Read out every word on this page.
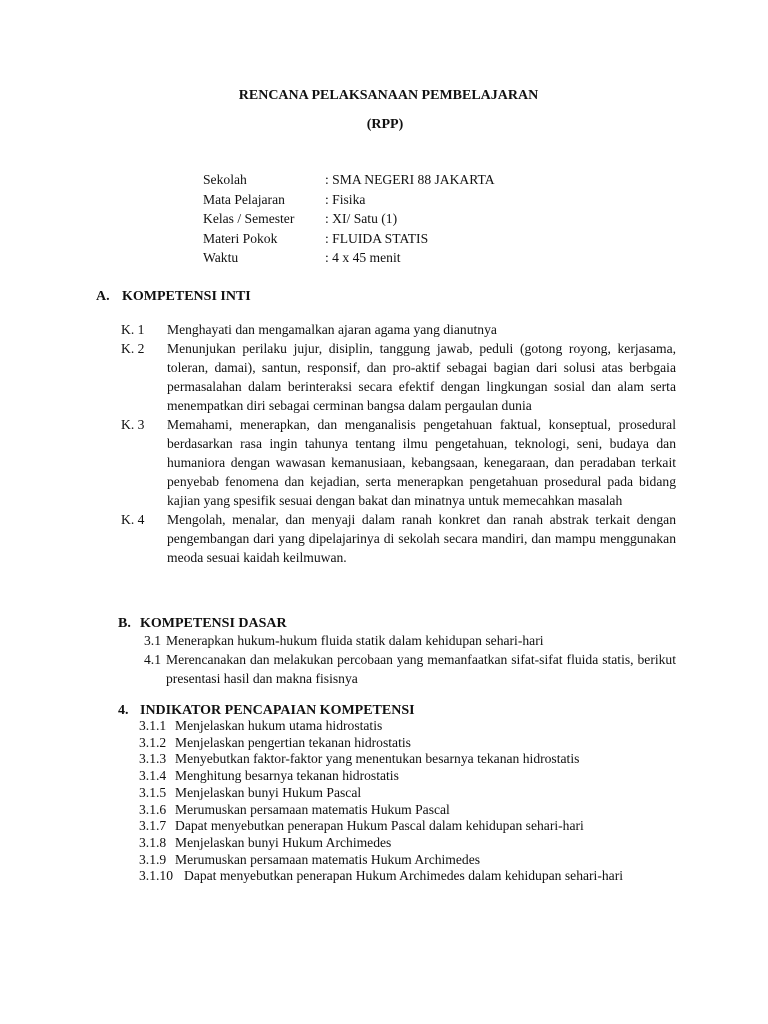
RENCANA PELAKSANAAN PEMBELAJARAN
(RPP)
Sekolah	: SMA NEGERI 88 JAKARTA
Mata Pelajaran	: Fisika
Kelas / Semester	: XI/ Satu (1)
Materi Pokok	: FLUIDA STATIS
Waktu	: 4 x 45 menit
A. KOMPETENSI INTI
K. 1	Menghayati dan mengamalkan ajaran agama yang dianutnya
K. 2	Menunjukan perilaku jujur, disiplin, tanggung jawab, peduli (gotong royong, kerjasama, toleran, damai), santun, responsif, dan pro-aktif sebagai bagian dari solusi atas berbgaia permasalahan dalam berinteraksi secara efektif dengan lingkungan sosial dan alam serta menempatkan diri sebagai cerminan bangsa dalam pergaulan dunia
K. 3	Memahami, menerapkan, dan menganalisis pengetahuan faktual, konseptual, prosedural berdasarkan rasa ingin tahunya tentang ilmu pengetahuan, teknologi, seni, budaya dan humaniora dengan wawasan kemanusiaan, kebangsaan, kenegaraan, dan peradaban terkait penyebab fenomena dan kejadian, serta menerapkan pengetahuan prosedural pada bidang kajian yang spesifik sesuai dengan bakat dan minatnya untuk memecahkan masalah
K. 4	Mengolah, menalar, dan menyaji dalam ranah konkret dan ranah abstrak terkait dengan pengembangan dari yang dipelajarinya di sekolah secara mandiri, dan mampu menggunakan meoda sesuai kaidah keilmuwan.
B. KOMPETENSI DASAR
3.1 Menerapkan hukum-hukum fluida statik dalam kehidupan sehari-hari
4.1 Merencanakan dan melakukan percobaan yang memanfaatkan sifat-sifat fluida statis, berikut presentasi hasil dan makna fisisnya
4. INDIKATOR PENCAPAIAN KOMPETENSI
3.1.1 Menjelaskan hukum utama hidrostatis
3.1.2 Menjelaskan pengertian tekanan hidrostatis
3.1.3 Menyebutkan faktor-faktor yang menentukan besarnya tekanan hidrostatis
3.1.4 Menghitung besarnya tekanan hidrostatis
3.1.5 Menjelaskan bunyi Hukum Pascal
3.1.6 Merumuskan persamaan matematis Hukum Pascal
3.1.7 Dapat menyebutkan penerapan Hukum Pascal dalam kehidupan sehari-hari
3.1.8 Menjelaskan bunyi Hukum Archimedes
3.1.9 Merumuskan persamaan matematis Hukum Archimedes
3.1.10 Dapat menyebutkan penerapan Hukum Archimedes dalam kehidupan sehari-hari
